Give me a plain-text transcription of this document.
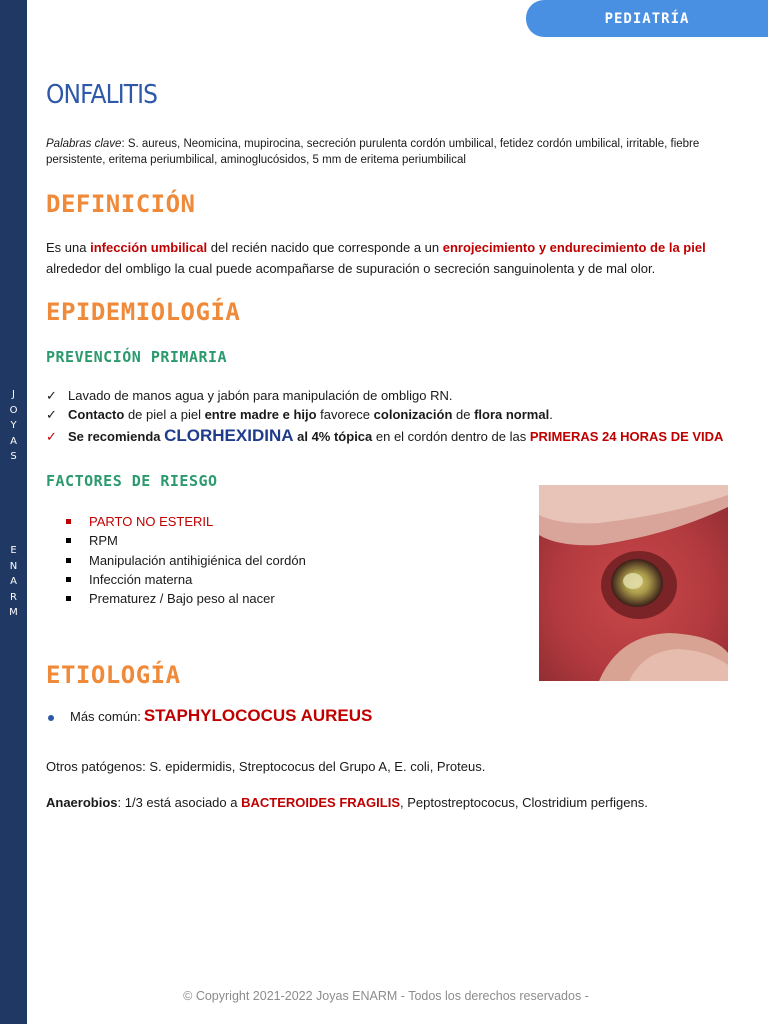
J
O
Y
A
S
E
N
A
R
M
PEDIATRÍA
ONFALITIS
Palabras clave: S. aureus, Neomicina, mupirocina, secreción purulenta cordón umbilical, fetidez cordón umbilical, irritable, fiebre persistente, eritema periumbilical, aminoglucósidos, 5 mm de eritema periumbilical
DEFINICIÓN
Es una infección umbilical del recién nacido que corresponde a un enrojecimiento y endurecimiento de la piel alrededor del ombligo la cual puede acompañarse de supuración o secreción sanguinolenta y de mal olor.
EPIDEMIOLOGÍA
PREVENCIÓN PRIMARIA
✓ Lavado de manos agua y jabón para manipulación de ombligo RN.
✓ Contacto de piel a piel entre madre e hijo favorece colonización de flora normal.
✓ Se recomienda CLORHEXIDINA al 4% tópica en el cordón dentro de las PRIMERAS 24 HORAS DE VIDA
FACTORES DE RIESGO
PARTO NO ESTERIL
RPM
Manipulación antihigiénica del cordón
Infección materna
Prematurez / Bajo peso al nacer
ETIOLOGÍA
Más común: STAPHYLOCOCUS AUREUS
Otros patógenos: S. epidermidis, Streptococus del Grupo A, E. coli, Proteus.
Anaerobios: 1/3 está asociado a BACTEROIDES FRAGILIS, Peptostreptococus, Clostridium perfigens.
© Copyright 2021-2022 Joyas ENARM - Todos los derechos reservados -
